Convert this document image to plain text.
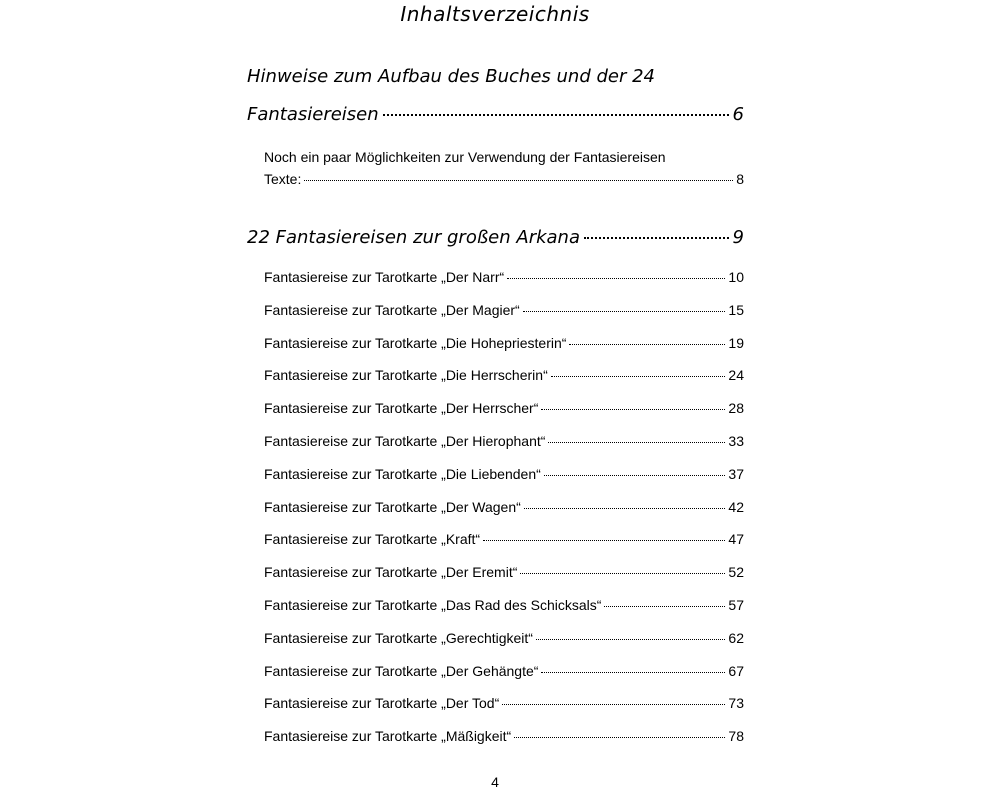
Inhaltsverzeichnis
Hinweise zum Aufbau des Buches und der 24
Fantasiereisen	6
Noch ein paar Möglichkeiten zur Verwendung der Fantasiereisen
Texte:	8
22 Fantasiereisen zur großen Arkana	9
Fantasiereise zur Tarotkarte „Der Narr“	10
Fantasiereise zur Tarotkarte „Der Magier“	15
Fantasiereise zur Tarotkarte „Die Hohepriesterin“	19
Fantasiereise zur Tarotkarte „Die Herrscherin“	24
Fantasiereise zur Tarotkarte „Der Herrscher“	28
Fantasiereise zur Tarotkarte „Der Hierophant“	33
Fantasiereise zur Tarotkarte „Die Liebenden“	37
Fantasiereise zur Tarotkarte „Der Wagen“	42
Fantasiereise zur Tarotkarte „Kraft“	47
Fantasiereise zur Tarotkarte „Der Eremit“	52
Fantasiereise zur Tarotkarte „Das Rad des Schicksals“	57
Fantasiereise zur Tarotkarte „Gerechtigkeit“	62
Fantasiereise zur Tarotkarte „Der Gehängte“	67
Fantasiereise zur Tarotkarte „Der Tod“	73
Fantasiereise zur Tarotkarte „Mäßigkeit“	78
4
